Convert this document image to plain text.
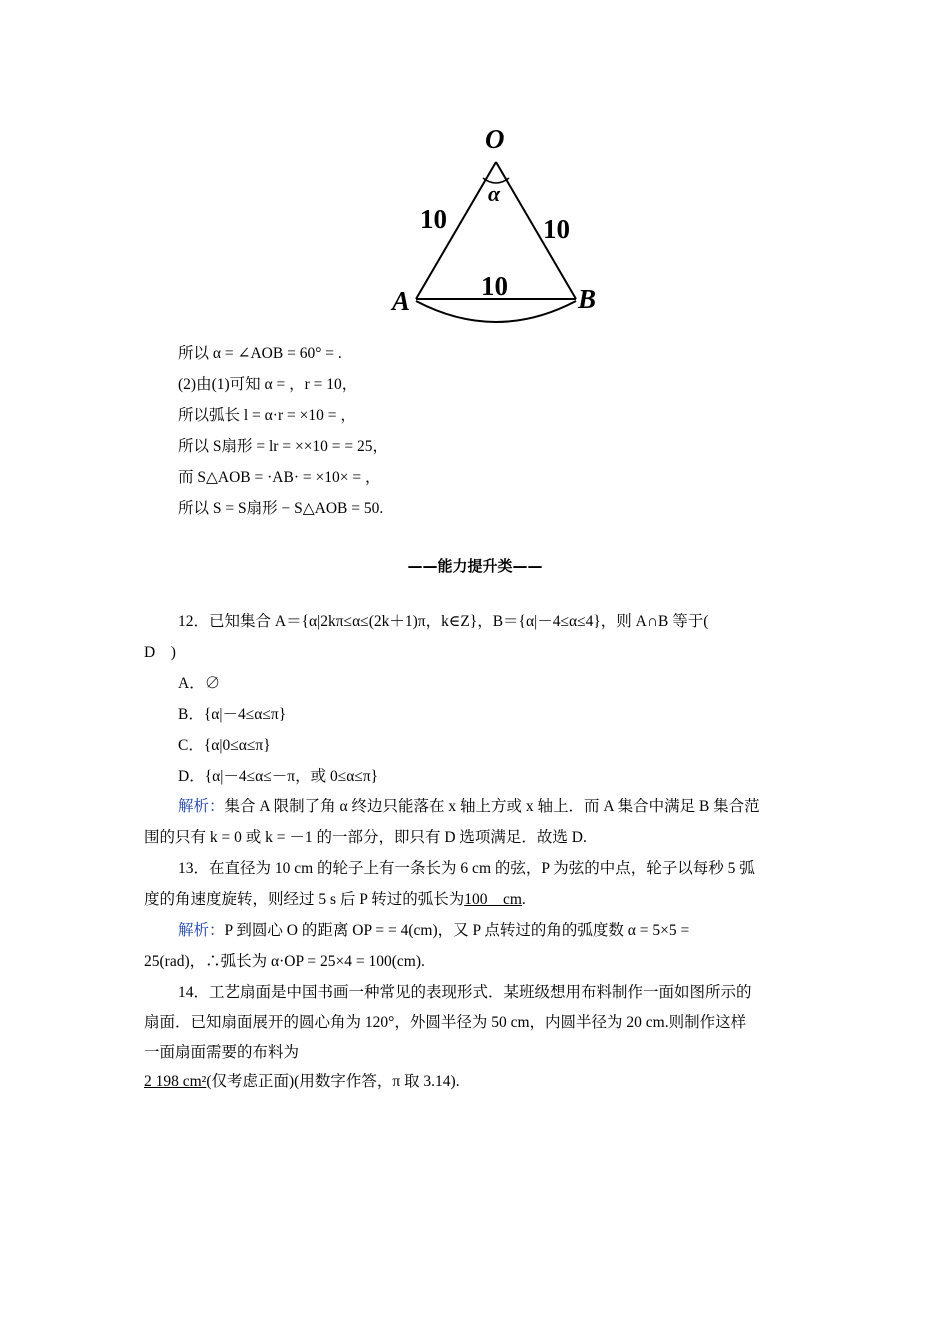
O
α
10	10
10
A	B
所以 α = ∠AOB = 60° = .
(2)由(1)可知 α = ，r = 10，
所以弧长 l = α·r = ×10 = ，
所以 S扇形 = lr = ××10 = = 25，
而 S△AOB = ·AB· = ×10× = ，
所以 S = S扇形 − S△AOB = 50.
——能力提升类——
12．已知集合 A＝{α|2kπ≤α≤(2k＋1)π，k∈Z}，B＝{α|－4≤α≤4}，则 A∩B 等于(
D　)
A．∅
B．{α|－4≤α≤π}
C．{α|0≤α≤π}
D．{α|－4≤α≤－π，或 0≤α≤π}
解析：集合 A 限制了角 α 终边只能落在 x 轴上方或 x 轴上．而 A 集合中满足 B 集合范
围的只有 k = 0 或 k = －1 的一部分，即只有 D 选项满足．故选 D.
13．在直径为 10 cm 的轮子上有一条长为 6 cm 的弦，P 为弦的中点，轮子以每秒 5 弧
度的角速度旋转，则经过 5 s 后 P 转过的弧长为100　cm.
解析：P 到圆心 O 的距离 OP = = 4(cm)，又 P 点转过的角的弧度数 α = 5×5 =
25(rad)，∴弧长为 α·OP = 25×4 = 100(cm).
14．工艺扇面是中国书画一种常见的表现形式．某班级想用布料制作一面如图所示的
扇面．已知扇面展开的圆心角为 120°，外圆半径为 50 cm，内圆半径为 20 cm.则制作这样
一面扇面需要的布料为
2 198 cm²(仅考虑正面)(用数字作答，π 取 3.14).
